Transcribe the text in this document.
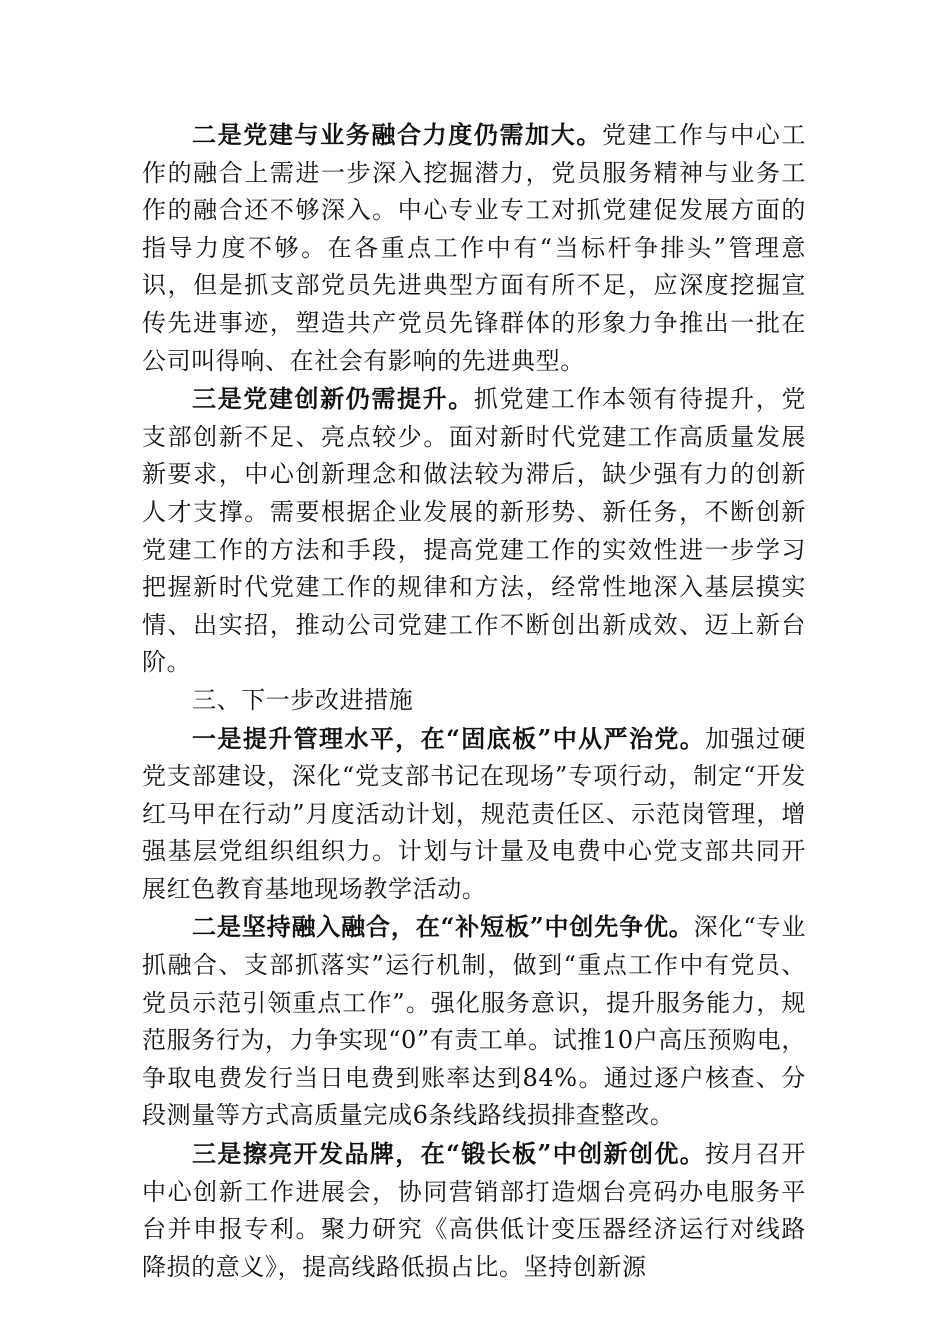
二是党建与业务融合力度仍需加大。党建工作与中心工作的融合上需进一步深入挖掘潜力，党员服务精神与业务工作的融合还不够深入。中心专业专工对抓党建促发展方面的指导力度不够。在各重点工作中有“当标杆争排头”管理意识，但是抓支部党员先进典型方面有所不足，应深度挖掘宣传先进事迹，塑造共产党员先锋群体的形象力争推出一批在公司叫得响、在社会有影响的先进典型。

三是党建创新仍需提升。抓党建工作本领有待提升，党支部创新不足、亮点较少。面对新时代党建工作高质量发展新要求，中心创新理念和做法较为滞后，缺少强有力的创新人才支撑。需要根据企业发展的新形势、新任务，不断创新党建工作的方法和手段，提高党建工作的实效性进一步学习把握新时代党建工作的规律和方法，经常性地深入基层摸实情、出实招，推动公司党建工作不断创出新成效、迈上新台阶。

三、下一步改进措施

一是提升管理水平，在“固底板”中从严治党。加强过硬党支部建设，深化“党支部书记在现场”专项行动，制定“开发红马甲在行动”月度活动计划，规范责任区、示范岗管理，增强基层党组织组织力。计划与计量及电费中心党支部共同开展红色教育基地现场教学活动。

二是坚持融入融合，在“补短板”中创先争优。深化“专业抓融合、支部抓落实”运行机制，做到“重点工作中有党员、党员示范引领重点工作”。强化服务意识，提升服务能力，规范服务行为，力争实现“0”有责工单。试推10户高压预购电，争取电费发行当日电费到账率达到84%。通过逐户核查、分段测量等方式高质量完成6条线路线损排查整改。

三是擦亮开发品牌，在“锻长板”中创新创优。按月召开中心创新工作进展会，协同营销部打造烟台亮码办电服务平台并申报专利。聚力研究《高供低计变压器经济运行对线路降损的意义》，提高线路低损占比。坚持创新源
